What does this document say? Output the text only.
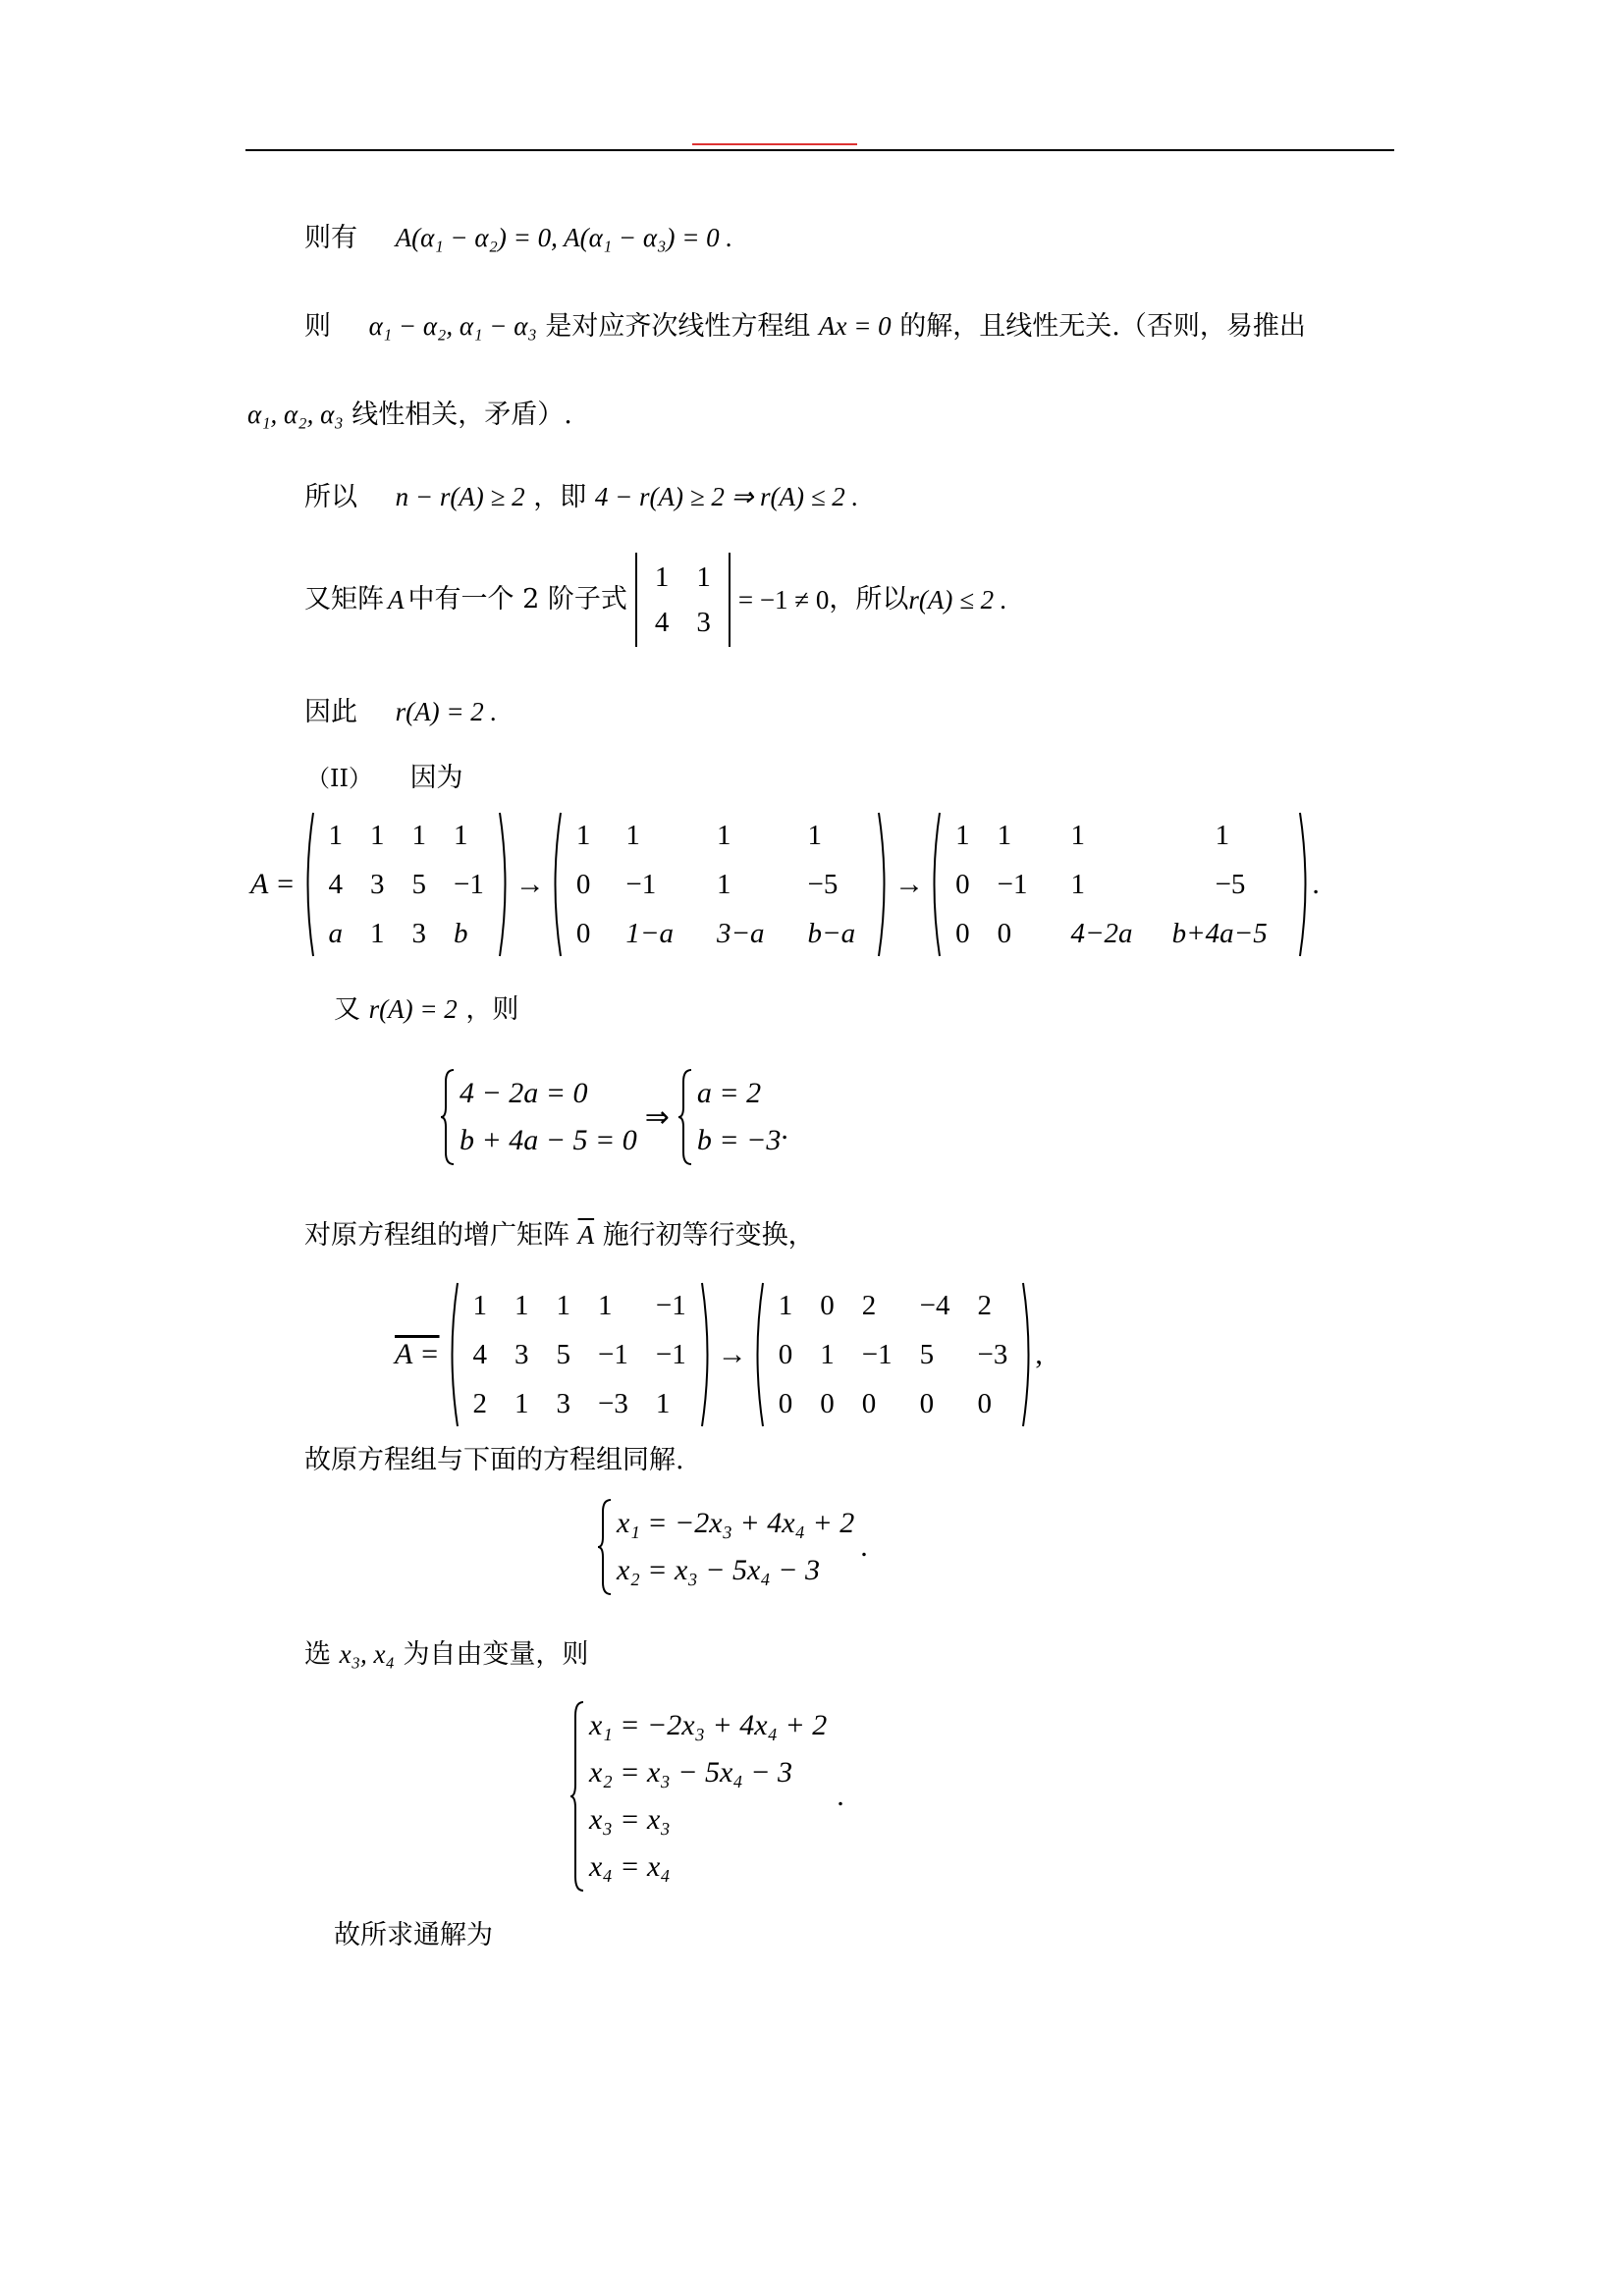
则有 A(α₁ − α₂) = 0, A(α₁ − α₃) = 0 .
则 α₁ − α₂, α₁ − α₃ 是对应齐次线性方程组 Ax = 0 的解，且线性无关.（否则，易推出
α₁, α₂, α₃ 线性相关，矛盾）.
所以 n − r(A) ≥ 2 ，即 4 − r(A) ≥ 2 ⇒ r(A) ≤ 2 .
又矩阵 A 中有一个 2 阶子式
1	1
4	3
= −1 ≠ 0 ，所以 r(A) ≤ 2 .
因此 r(A) = 2 .
（II） 因为
A =
1	1	1	1
4	3	5	−1
a	1	3	b
→
1	1	1	1
0	−1	1	−5
0	1−a	3−a	b−a
→
1	1	1	1
0	−1	1	−5
0	0	4−2a	b+4a−5
.
又 r(A) = 2 ，则
4 − 2a = 0
b + 4a − 5 = 0
⇒
a = 2
b = −3 .
对原方程组的增广矩阵 $\overline{A}$ 施行初等行变换，
A =
1	1	1	1	−1
4	3	5	−1	−1
2	1	3	−3	1
→
1	0	2	−4	2
0	1	−1	5	−3
0	0	0	0	0
,
故原方程组与下面的方程组同解.
x₁ = −2x₃ + 4x₄ + 2
x₂ = x₃ − 5x₄ − 3
.
选 x₃, x₄ 为自由变量，则
x₁ = −2x₃ + 4x₄ + 2
x₂ = x₃ − 5x₄ − 3
x₃ = x₃
x₄ = x₄
.
故所求通解为
